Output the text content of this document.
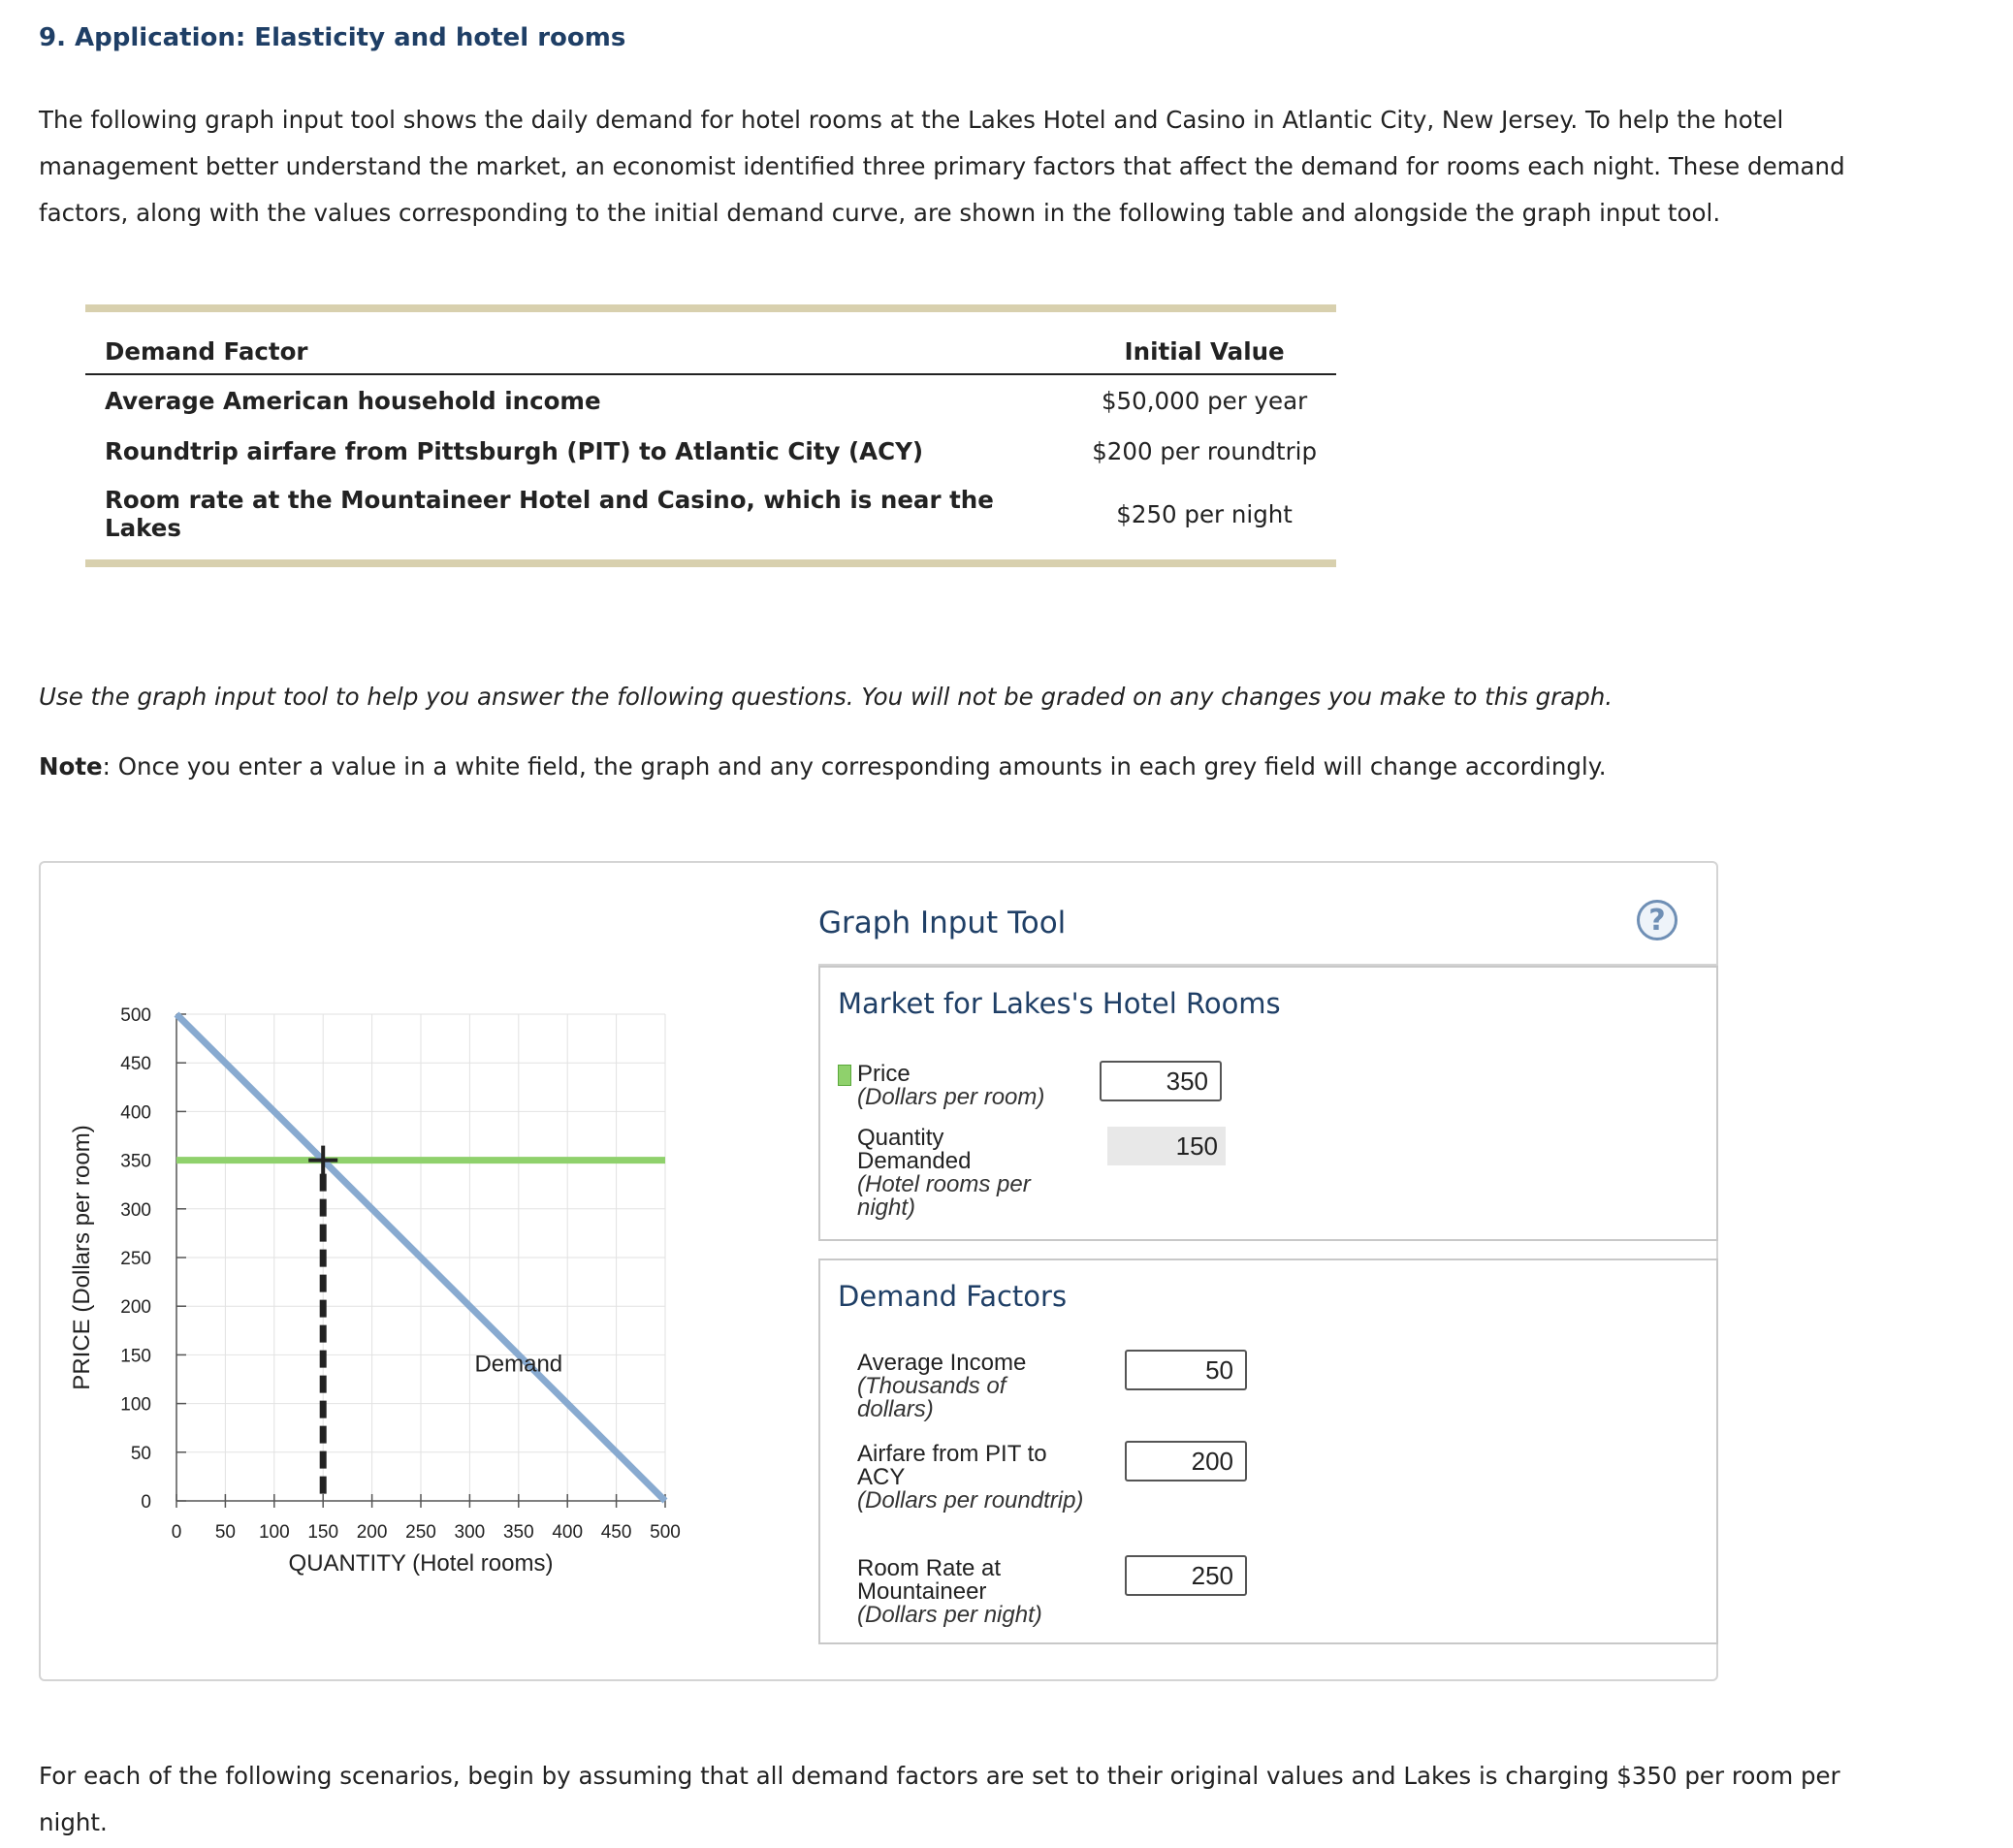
9. Application: Elasticity and hotel rooms
The following graph input tool shows the daily demand for hotel rooms at the Lakes Hotel and Casino in Atlantic City, New Jersey. To help the hotel management better understand the market, an economist identified three primary factors that affect the demand for rooms each night. These demand factors, along with the values corresponding to the initial demand curve, are shown in the following table and alongside the graph input tool.
Demand Factor	Initial Value
Average American household income	$50,000 per year
Roundtrip airfare from Pittsburgh (PIT) to Atlantic City (ACY)	$200 per roundtrip
Room rate at the Mountaineer Hotel and Casino, which is near the Lakes	$250 per night
Use the graph input tool to help you answer the following questions. You will not be graded on any changes you make to this graph.
Note: Once you enter a value in a white field, the graph and any corresponding amounts in each grey field will change accordingly.
0 50 100 150 200 250 300 350 400 450 500
0
50
100
150
200
250
300
350
400
450
500
QUANTITY (Hotel rooms)
PRICE (Dollars per room)	Demand
Graph Input Tool	?
Market for Lakes's Hotel Rooms
Price
(Dollars per room)
350
Quantity Demanded
(Hotel rooms per night)
150
Demand Factors
Average Income
(Thousands of dollars)
50
Airfare from PIT to ACY
(Dollars per roundtrip)
200
Room Rate at Mountaineer
(Dollars per night)
250
For each of the following scenarios, begin by assuming that all demand factors are set to their original values and Lakes is charging $350 per room per night.
